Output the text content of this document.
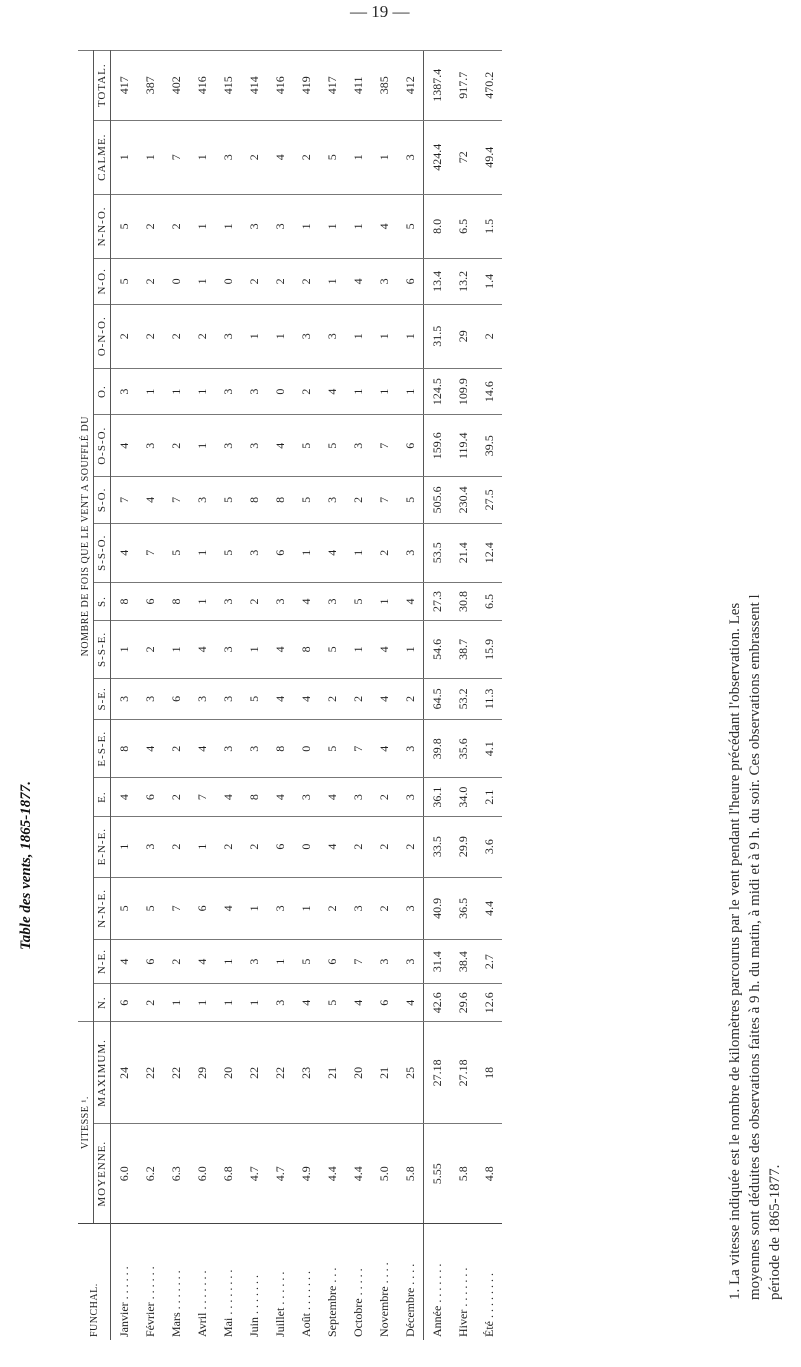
— 19 —
Table des vents, 1865-1877.
FUNCHAL.	VITESSE ¹.		NOMBRE DE FOIS QUE LE VENT A SOUFFLÉ DU																	
	MOYENNE.	MAXIMUM.	N.	N-E.	N-N-E.	E-N-E.	E.	E-S-E.	S-E.	S-S-E.	S.	S-S-O.	S-O.	O-S-O.	O.	O-N-O.	N-O.	N-N-O.	CALME.	TOTAL.
Janvier . . . . . .	6.0	24	6	4	5	1	4	8	3	1	8	4	7	4	3	2	5	5	1	417
Février . . . . . .	6.2	22	2	6	5	3	6	4	3	2	6	7	4	3	1	2	2	2	1	387
Mars . . . . . . .	6.3	22	1	2	7	2	2	2	6	1	8	5	7	2	1	2	0	2	7	402
Avril . . . . . . .	6.0	29	1	4	6	1	7	4	3	4	1	1	3	1	1	2	1	1	1	416
Mai . . . . . . . .	6.8	20	1	1	4	2	4	3	3	3	3	5	5	3	3	3	0	1	3	415
Juin . . . . . . .	4.7	22	1	3	1	2	8	3	5	1	2	3	8	3	3	1	2	3	2	414
Juillet . . . . . .	4.7	22	3	1	3	6	4	8	4	4	3	6	8	4	0	1	2	3	4	416
Août . . . . . . .	4.9	23	4	5	1	0	3	0	4	8	4	1	5	5	2	3	2	1	2	419
Septembre . . .	4.4	21	5	6	2	4	4	5	2	5	3	4	3	5	4	3	1	1	5	417
Octobre . . . . .	4.4	20	4	7	3	2	3	7	2	1	5	1	2	3	1	1	4	1	1	411
Novembre . . . .	5.0	21	6	3	2	2	2	4	4	4	1	2	7	7	1	1	3	4	1	385
Décembre . . . .	5.8	25	4	3	3	2	3	3	2	1	4	3	5	6	1	1	6	5	3	412
Année . . . . . . .	5.55	27.18	42.6	31.4	40.9	33.5	36.1	39.8	64.5	54.6	27.3	53.5	505.6	159.6	124.5	31.5	13.4	8.0	424.4	1387.4
Hiver . . . . . . .	5.8	27.18	29.6	38.4	36.5	29.9	34.0	35.6	53.2	38.7	30.8	21.4	230.4	119.4	109.9	29	13.2	6.5	72	917.7
Été . . . . . . . .	4.8	18	12.6	2.7	4.4	3.6	2.1	4.1	11.3	15.9	6.5	12.4	27.5	39.5	14.6	2	1.4	1.5	49.4	470.2

1. La vitesse indiquée est le nombre de kilomètres parcourus par le vent pendant l'heure précédant l'observation. Les moyennes sont déduites des observations faites à 9 h. du matin, à midi et à 9 h. du soir. Ces observations embrassent l période de 1865-1877.
